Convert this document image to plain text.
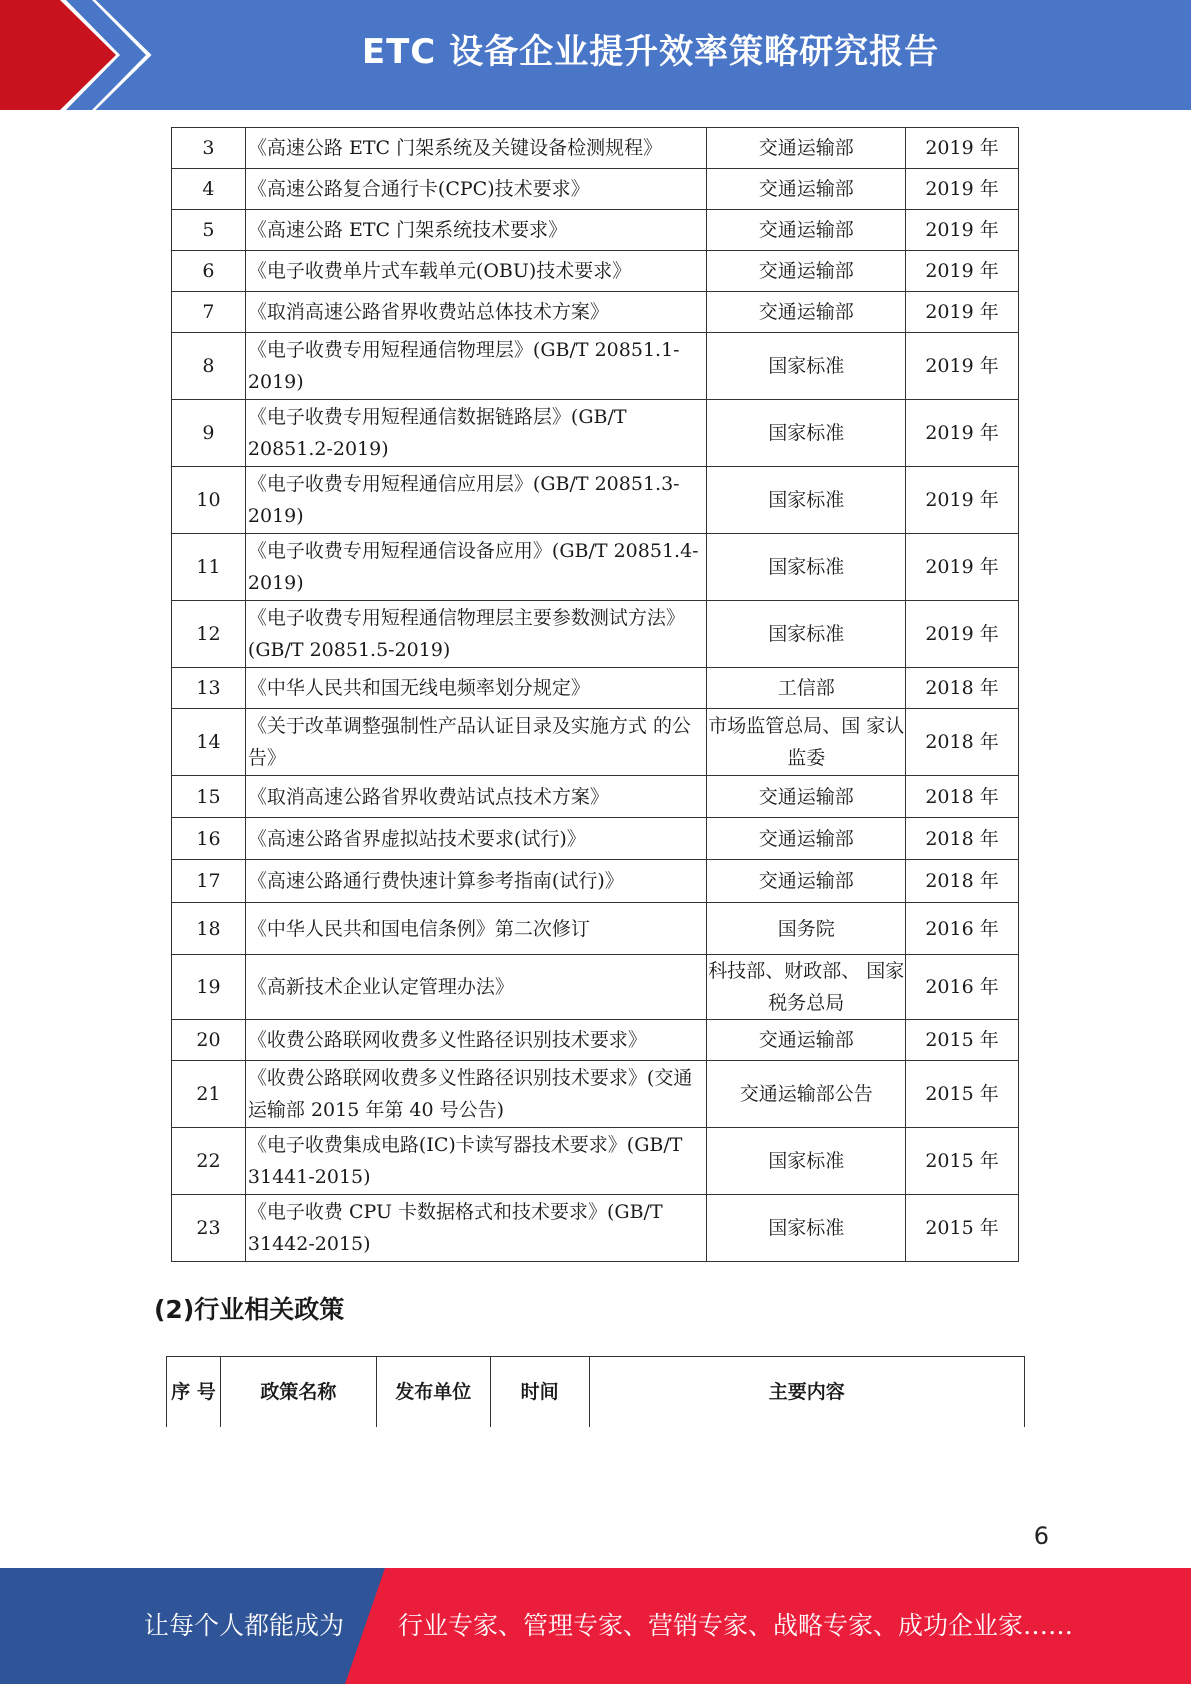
ETC 设备企业提升效率策略研究报告
3	《高速公路 ETC 门架系统及关键设备检测规程》	交通运输部	2019 年
4	《高速公路复合通行卡(CPC)技术要求》	交通运输部	2019 年
5	《高速公路 ETC 门架系统技术要求》	交通运输部	2019 年
6	《电子收费单片式车载单元(OBU)技术要求》	交通运输部	2019 年
7	《取消高速公路省界收费站总体技术方案》	交通运输部	2019 年
8	《电子收费专用短程通信物理层》(GB/T 20851.1-2019)	国家标准	2019 年
9	《电子收费专用短程通信数据链路层》(GB/T 20851.2-2019)	国家标准	2019 年
10	《电子收费专用短程通信应用层》(GB/T 20851.3-2019)	国家标准	2019 年
11	《电子收费专用短程通信设备应用》(GB/T 20851.4-2019)	国家标准	2019 年
12	《电子收费专用短程通信物理层主要参数测试方法》(GB/T 20851.5-2019)	国家标准	2019 年
13	《中华人民共和国无线电频率划分规定》	工信部	2018 年
14	《关于改革调整强制性产品认证目录及实施方式 的公告》	市场监管总局、国 家认监委	2018 年
15	《取消高速公路省界收费站试点技术方案》	交通运输部	2018 年
16	《高速公路省界虚拟站技术要求(试行)》	交通运输部	2018 年
17	《高速公路通行费快速计算参考指南(试行)》	交通运输部	2018 年
18	《中华人民共和国电信条例》第二次修订	国务院	2016 年
19	《高新技术企业认定管理办法》	科技部、财政部、 国家税务总局	2016 年
20	《收费公路联网收费多义性路径识别技术要求》	交通运输部	2015 年
21	《收费公路联网收费多义性路径识别技术要求》(交通运输部 2015 年第 40 号公告)	交通运输部公告	2015 年
22	《电子收费集成电路(IC)卡读写器技术要求》(GB/T 31441-2015)	国家标准	2015 年
23	《电子收费 CPU 卡数据格式和技术要求》(GB/T 31442-2015)	国家标准	2015 年
(2)行业相关政策
序 号	政策名称	发布单位	时间	主要内容
6
让每个人都能成为 行业专家、管理专家、营销专家、战略专家、成功企业家……
